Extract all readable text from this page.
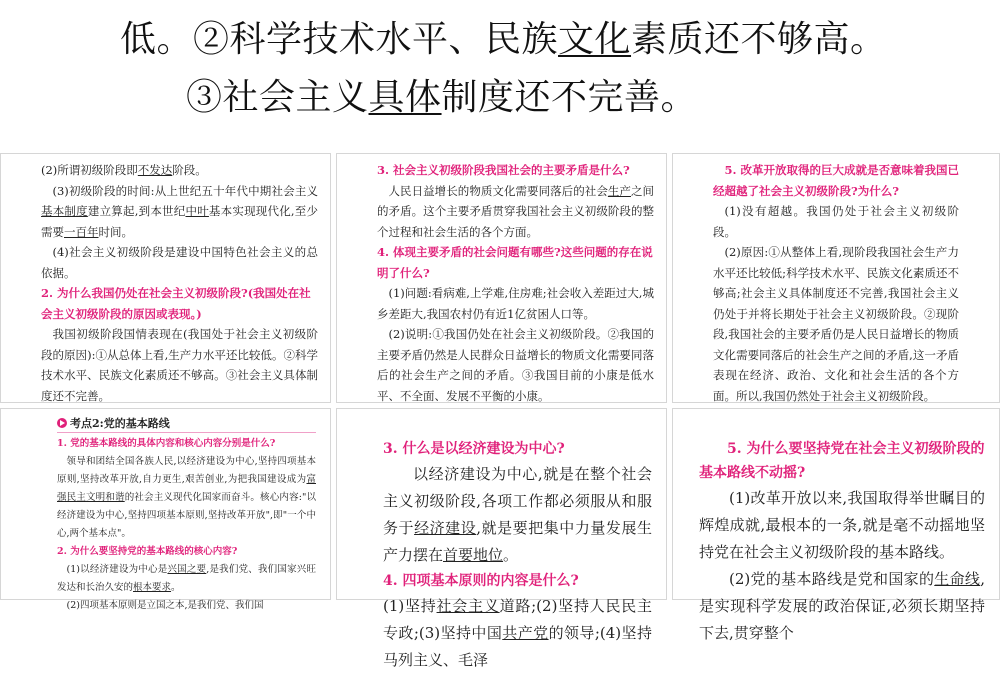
低。②科学技术水平、民族文化素质还不够高。
③社会主义具体制度还不完善。

(2)所谓初级阶段即不发达阶段。

(3)初级阶段的时间:从上世纪五十年代中期社会主义基本制度建立算起,到本世纪中叶基本实现现代化,至少需要一百年时间。

(4)社会主义初级阶段是建设中国特色社会主义的总依据。

2. 为什么我国仍处在社会主义初级阶段?(我国处在社会主义初级阶段的原因或表现。)

我国初级阶段国情表现在(我国处于社会主义初级阶段的原因):①从总体上看,生产力水平还比较低。②科学技术水平、民族文化素质还不够高。③社会主义具体制度还不完善。

3. 社会主义初级阶段我国社会的主要矛盾是什么?

人民日益增长的物质文化需要同落后的社会生产之间的矛盾。这个主要矛盾贯穿我国社会主义初级阶段的整个过程和社会生活的各个方面。

4. 体现主要矛盾的社会问题有哪些?这些问题的存在说明了什么?

(1)问题:看病难,上学难,住房难;社会收入差距过大,城乡差距大,我国农村仍有近1亿贫困人口等。

(2)说明:①我国仍处在社会主义初级阶段。②我国的主要矛盾仍然是人民群众日益增长的物质文化需要同落后的社会生产之间的矛盾。③我国目前的小康是低水平、不全面、发展不平衡的小康。

5. 改革开放取得的巨大成就是否意味着我国已经超越了社会主义初级阶段?为什么?

(1)没有超越。我国仍处于社会主义初级阶段。

(2)原因:①从整体上看,现阶段我国社会生产力水平还比较低;科学技术水平、民族文化素质还不够高;社会主义具体制度还不完善,我国社会主义仍处于并将长期处于社会主义初级阶段。②现阶段,我国社会的主要矛盾仍是人民日益增长的物质文化需要同落后的社会生产之间的矛盾,这一矛盾表现在经济、政治、文化和社会生活的各个方面。所以,我国仍然处于社会主义初级阶段。

考点2:党的基本路线
1. 党的基本路线的具体内容和核心内容分别是什么?

领导和团结全国各族人民,以经济建设为中心,坚持四项基本原则,坚持改革开放,自力更生,艰苦创业,为把我国建设成为富强民主文明和谐的社会主义现代化国家而奋斗。核心内容:"以经济建设为中心,坚持四项基本原则,坚持改革开放",即"一个中心,两个基本点"。

2. 为什么要坚持党的基本路线的核心内容?

(1)以经济建设为中心是兴国之要,是我们党、我们国家兴旺发达和长治久安的根本要求。

(2)四项基本原则是立国之本,是我们党、我们国

3. 什么是以经济建设为中心?

以经济建设为中心,就是在整个社会主义初级阶段,各项工作都必须服从和服务于经济建设,就是要把集中力量发展生产力摆在首要地位。

4. 四项基本原则的内容是什么?

(1)坚持社会主义道路;(2)坚持人民民主专政;(3)坚持中国共产党的领导;(4)坚持马列主义、毛泽

5. 为什么要坚持党在社会主义初级阶段的基本路线不动摇?

(1)改革开放以来,我国取得举世瞩目的辉煌成就,最根本的一条,就是毫不动摇地坚持党在社会主义初级阶段的基本路线。

(2)党的基本路线是党和国家的生命线,是实现科学发展的政治保证,必须长期坚持下去,贯穿整个
